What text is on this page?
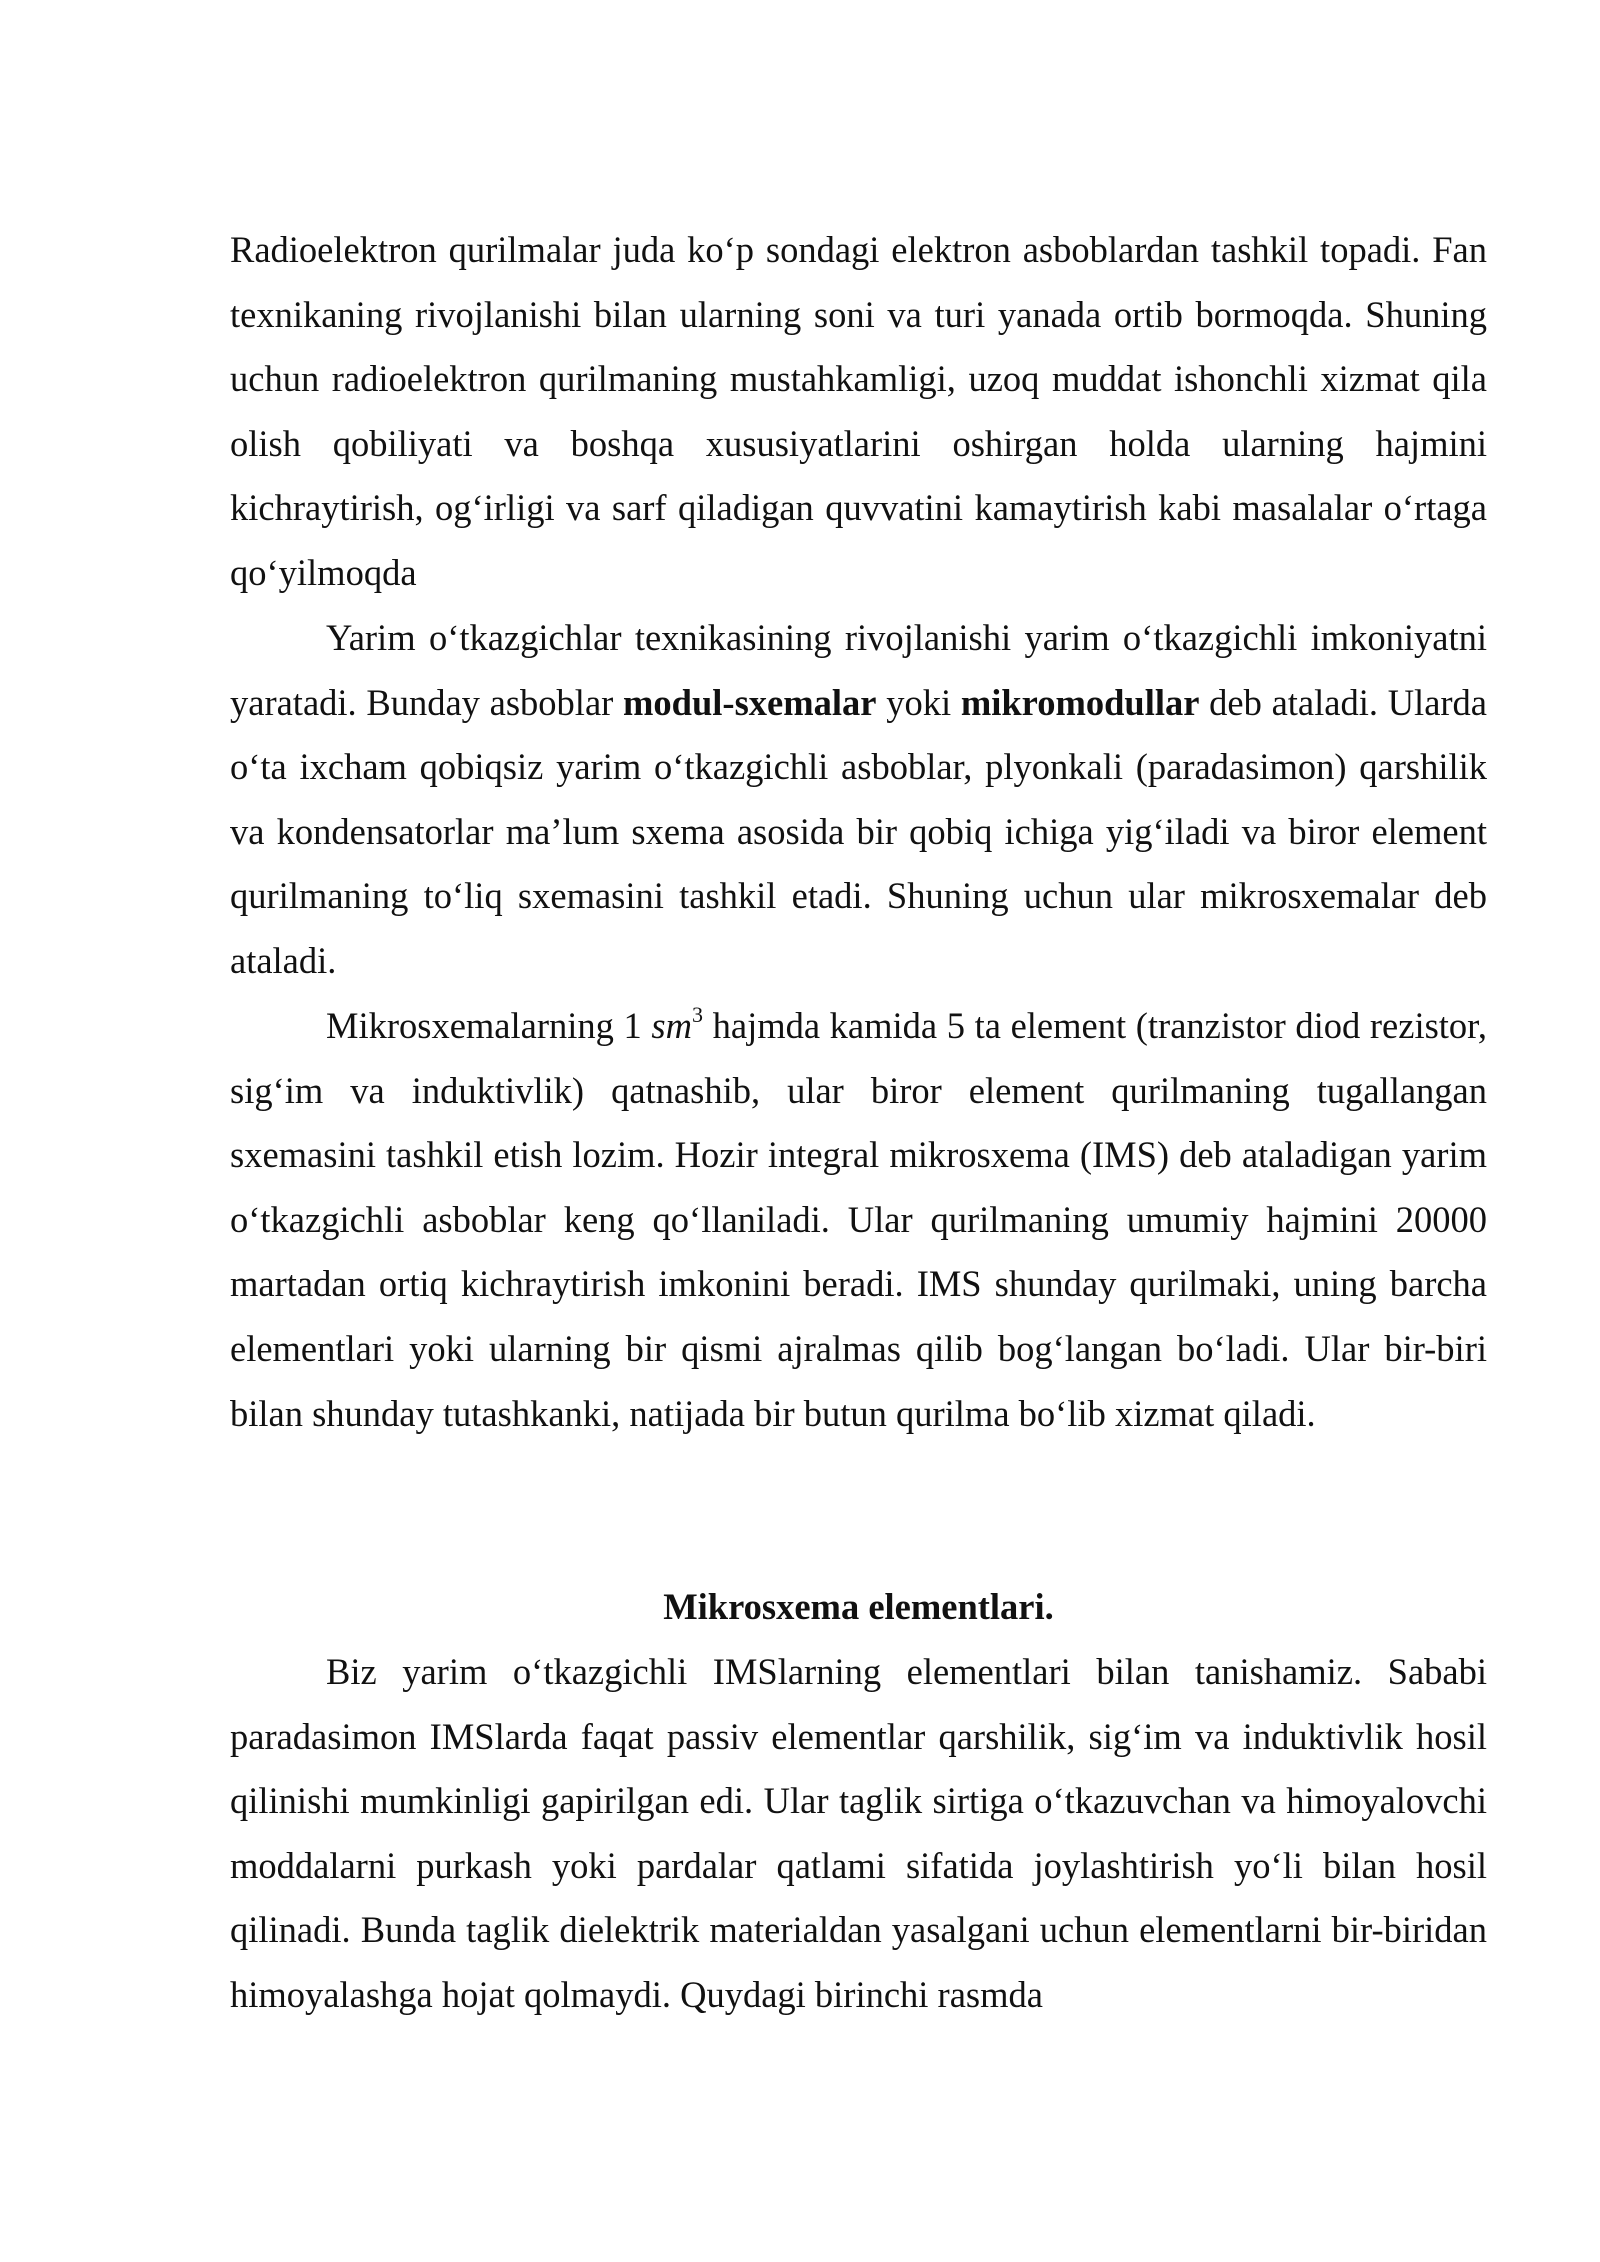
Radioelektron qurilmalar juda ko‘p sondagi elektron asboblardan tashkil topadi. Fan texnikaning rivojlanishi bilan ularning soni va turi yanada ortib bormoqda. Shuning uchun radioelektron qurilmaning mustahkamligi, uzoq muddat ishonchli xizmat qila olish qobiliyati va boshqa xususiyatlarini oshirgan holda ularning hajmini kichraytirish, og‘irligi va sarf qiladigan quvvatini kamaytirish kabi masalalar o‘rtaga qo‘yilmoqda

Yarim o‘tkazgichlar texnikasining rivojlanishi yarim o‘tkazgichli imkoniyatni yaratadi. Bunday asboblar modul-sxemalar yoki mikromodullar deb ataladi. Ularda o‘ta ixcham qobiqsiz yarim o‘tkazgichli asboblar, plyonkali (paradasimon) qarshilik va kondensatorlar ma’lum sxema asosida bir qobiq ichiga yig‘iladi va biror element qurilmaning to‘liq sxemasini tashkil etadi. Shuning uchun ular mikrosxemalar deb ataladi.

Mikrosxemalarning 1 $sm^3$ hajmda kamida 5 ta element (tranzistor diod rezistor, sig‘im va induktivlik) qatnashib, ular biror element qurilmaning tugallangan sxemasini tashkil etish lozim. Hozir integral mikrosxema (IMS) deb ataladigan yarim o‘tkazgichli asboblar keng qo‘llaniladi. Ular qurilmaning umumiy hajmini 20000 martadan ortiq kichraytirish imkonini beradi. IMS shunday qurilmaki, uning barcha elementlari yoki ularning bir qismi ajralmas qilib bog‘langan bo‘ladi. Ular bir-biri bilan shunday tutashkanki, natijada bir butun qurilma bo‘lib xizmat qiladi.

Mikrosxema elementlari.

Biz yarim o‘tkazgichli IMSlarning elementlari bilan tanishamiz. Sababi paradasimon IMSlarda faqat passiv elementlar qarshilik, sig‘im va induktivlik hosil qilinishi mumkinligi gapirilgan edi. Ular taglik sirtiga o‘tkazuvchan va himoyalovchi moddalarni purkash yoki pardalar qatlami sifatida joylashtirish yo‘li bilan hosil qilinadi. Bunda taglik dielektrik materialdan yasalgani uchun elementlarni bir-biridan himoyalashga hojat qolmaydi. Quydagi birinchi rasmda
